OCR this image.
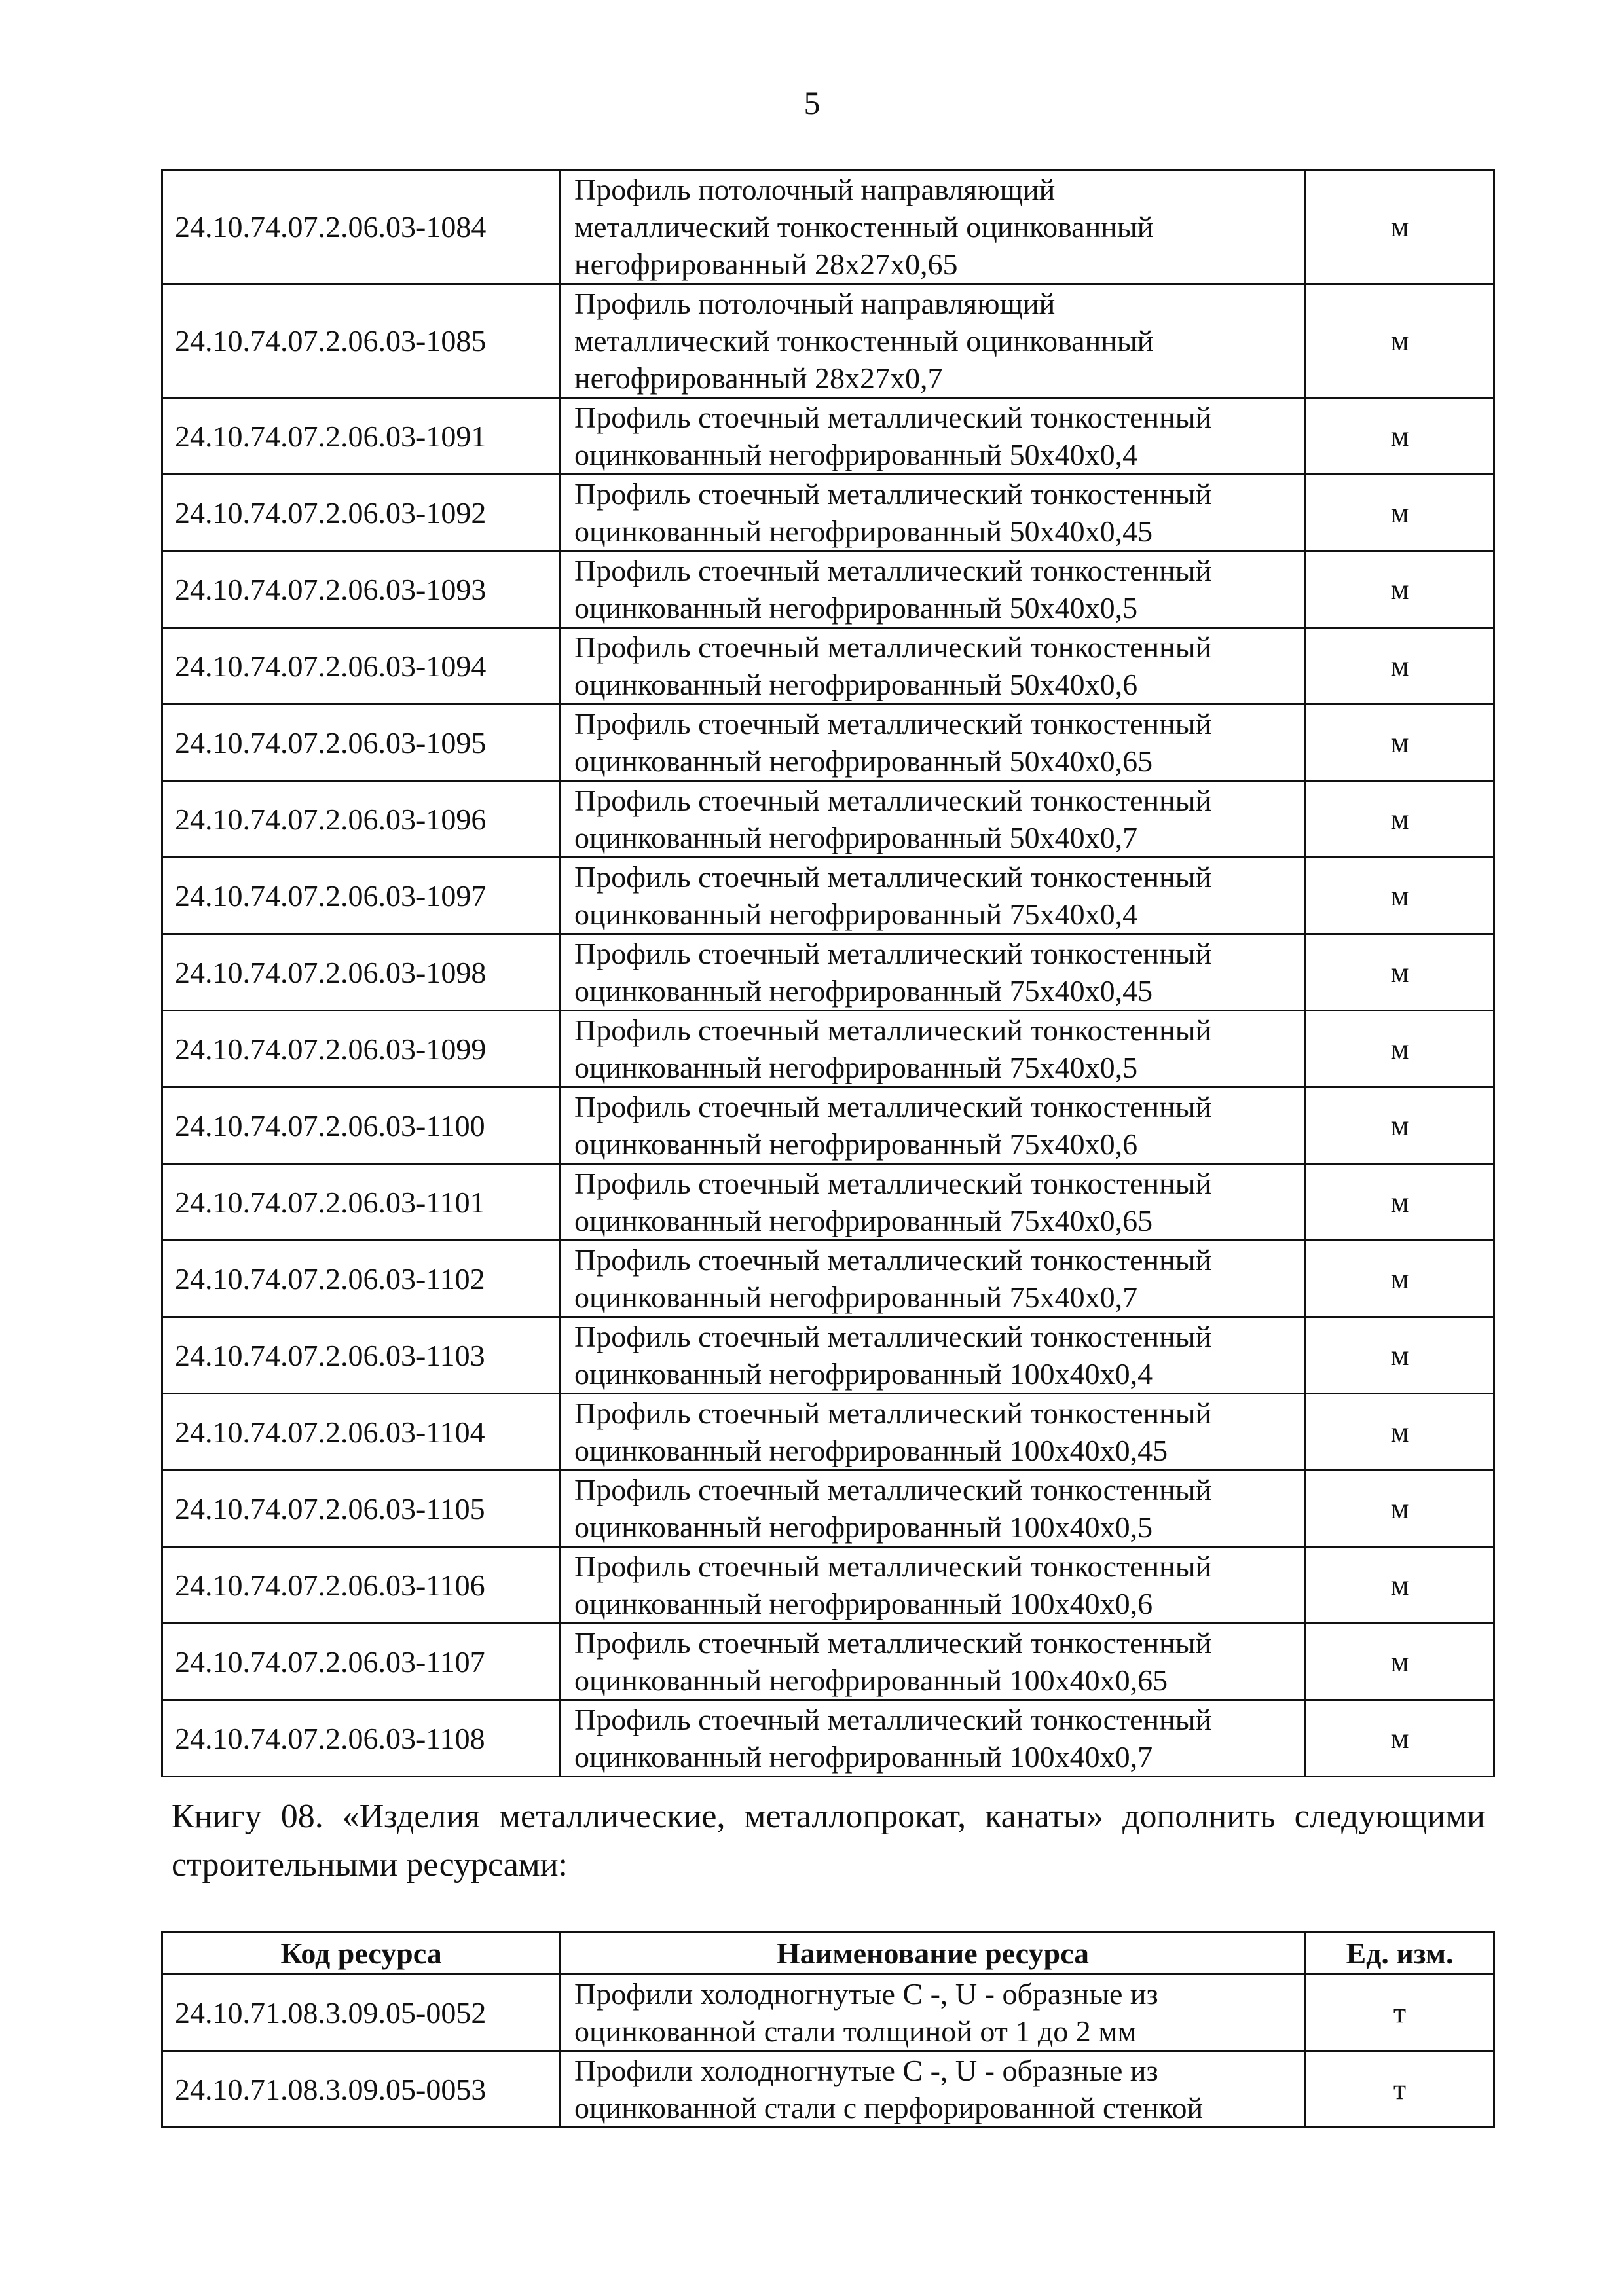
5
24.10.74.07.2.06.03-1084	Профиль потолочный направляющий
металлический тонкостенный оцинкованный
негофрированный 28x27x0,65	м
24.10.74.07.2.06.03-1085	Профиль потолочный направляющий
металлический тонкостенный оцинкованный
негофрированный 28x27x0,7	м
24.10.74.07.2.06.03-1091	Профиль стоечный металлический тонкостенный
оцинкованный негофрированный 50x40x0,4	м
24.10.74.07.2.06.03-1092	Профиль стоечный металлический тонкостенный
оцинкованный негофрированный 50x40x0,45	м
24.10.74.07.2.06.03-1093	Профиль стоечный металлический тонкостенный
оцинкованный негофрированный 50x40x0,5	м
24.10.74.07.2.06.03-1094	Профиль стоечный металлический тонкостенный
оцинкованный негофрированный 50x40x0,6	м
24.10.74.07.2.06.03-1095	Профиль стоечный металлический тонкостенный
оцинкованный негофрированный 50x40x0,65	м
24.10.74.07.2.06.03-1096	Профиль стоечный металлический тонкостенный
оцинкованный негофрированный 50x40x0,7	м
24.10.74.07.2.06.03-1097	Профиль стоечный металлический тонкостенный
оцинкованный негофрированный 75x40x0,4	м
24.10.74.07.2.06.03-1098	Профиль стоечный металлический тонкостенный
оцинкованный негофрированный 75x40x0,45	м
24.10.74.07.2.06.03-1099	Профиль стоечный металлический тонкостенный
оцинкованный негофрированный 75x40x0,5	м
24.10.74.07.2.06.03-1100	Профиль стоечный металлический тонкостенный
оцинкованный негофрированный 75x40x0,6	м
24.10.74.07.2.06.03-1101	Профиль стоечный металлический тонкостенный
оцинкованный негофрированный 75x40x0,65	м
24.10.74.07.2.06.03-1102	Профиль стоечный металлический тонкостенный
оцинкованный негофрированный 75x40x0,7	м
24.10.74.07.2.06.03-1103	Профиль стоечный металлический тонкостенный
оцинкованный негофрированный 100x40x0,4	м
24.10.74.07.2.06.03-1104	Профиль стоечный металлический тонкостенный
оцинкованный негофрированный 100x40x0,45	м
24.10.74.07.2.06.03-1105	Профиль стоечный металлический тонкостенный
оцинкованный негофрированный 100x40x0,5	м
24.10.74.07.2.06.03-1106	Профиль стоечный металлический тонкостенный
оцинкованный негофрированный 100x40x0,6	м
24.10.74.07.2.06.03-1107	Профиль стоечный металлический тонкостенный
оцинкованный негофрированный 100x40x0,65	м
24.10.74.07.2.06.03-1108	Профиль стоечный металлический тонкостенный
оцинкованный негофрированный 100x40x0,7	м
Книгу 08. «Изделия металлические, металлопрокат, канаты» дополнить следующими строительными ресурсами:
Код ресурса	Наименование ресурса	Ед. изм.
24.10.71.08.3.09.05-0052	Профили холодногнутые С -, U - образные из
оцинкованной стали толщиной от 1 до 2 мм	т
24.10.71.08.3.09.05-0053	Профили холодногнутые С -, U - образные из
оцинкованной стали с перфорированной стенкой	т
